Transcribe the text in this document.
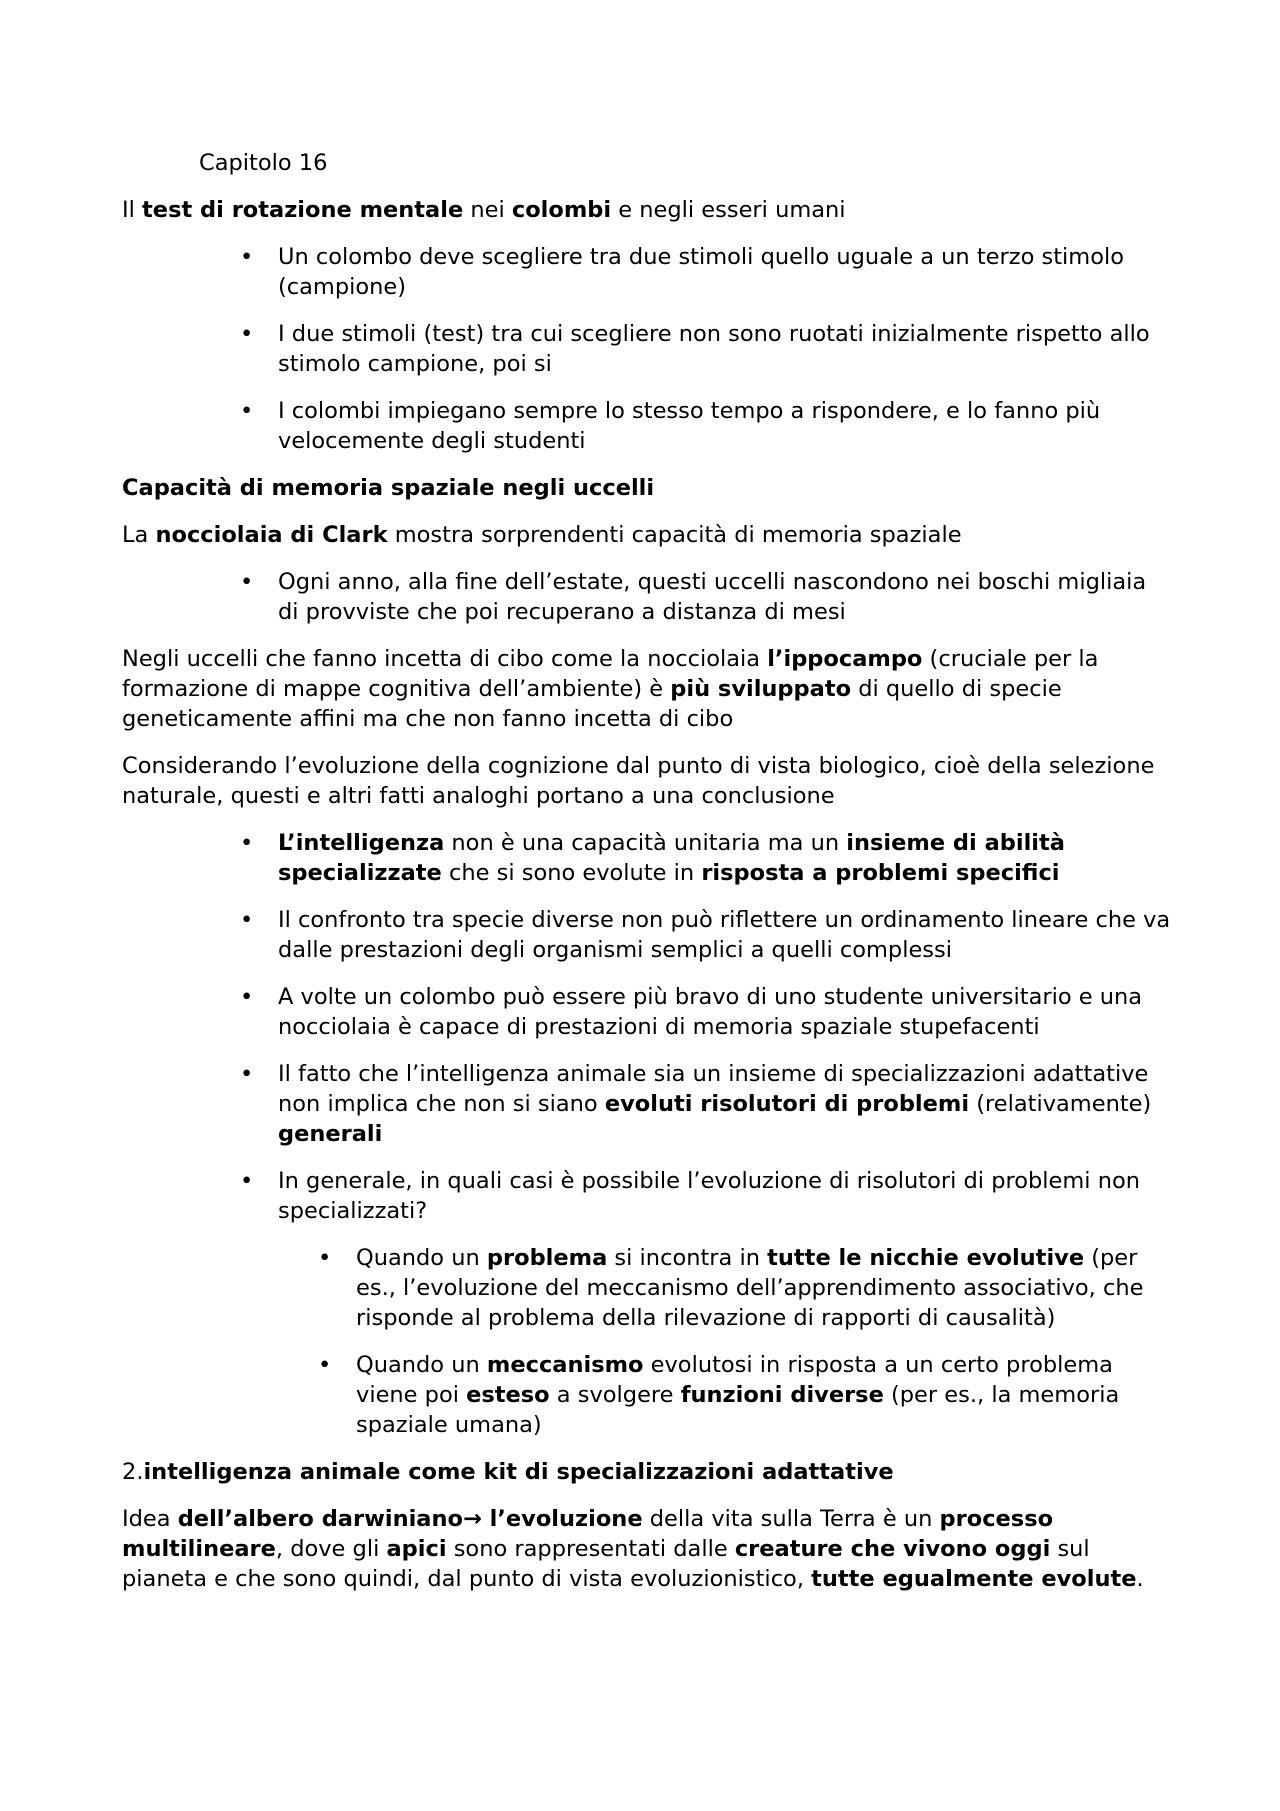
Capitolo 16

Il test di rotazione mentale nei colombi e negli esseri umani

• Un colombo deve scegliere tra due stimoli quello uguale a un terzo stimolo (campione)
• I due stimoli (test) tra cui scegliere non sono ruotati inizialmente rispetto allo stimolo campione, poi si
• I colombi impiegano sempre lo stesso tempo a rispondere, e lo fanno più velocemente degli studenti

Capacità di memoria spaziale negli uccelli

La nocciolaia di Clark mostra sorprendenti capacità di memoria spaziale

• Ogni anno, alla fine dell’estate, questi uccelli nascondono nei boschi migliaia di provviste che poi recuperano a distanza di mesi

Negli uccelli che fanno incetta di cibo come la nocciolaia l’ippocampo (cruciale per la formazione di mappe cognitiva dell’ambiente) è più sviluppato di quello di specie geneticamente affini ma che non fanno incetta di cibo

Considerando l’evoluzione della cognizione dal punto di vista biologico, cioè della selezione naturale, questi e altri fatti analoghi portano a una conclusione

• L’intelligenza non è una capacità unitaria ma un insieme di abilità specializzate che si sono evolute in risposta a problemi specifici
• Il confronto tra specie diverse non può riflettere un ordinamento lineare che va dalle prestazioni degli organismi semplici a quelli complessi
• A volte un colombo può essere più bravo di uno studente universitario e una nocciolaia è capace di prestazioni di memoria spaziale stupefacenti
• Il fatto che l’intelligenza animale sia un insieme di specializzazioni adattative non implica che non si siano evoluti risolutori di problemi (relativamente) generali
• In generale, in quali casi è possibile l’evoluzione di risolutori di problemi non specializzati?
• Quando un problema si incontra in tutte le nicchie evolutive (per es., l’evoluzione del meccanismo dell’apprendimento associativo, che risponde al problema della rilevazione di rapporti di causalità)
• Quando un meccanismo evolutosi in risposta a un certo problema viene poi esteso a svolgere funzioni diverse (per es., la memoria spaziale umana)

2.intelligenza animale come kit di specializzazioni adattative

Idea dell’albero darwiniano→ l’evoluzione della vita sulla Terra è un processo multilineare, dove gli apici sono rappresentati dalle creature che vivono oggi sul pianeta e che sono quindi, dal punto di vista evoluzionistico, tutte egualmente evolute.
